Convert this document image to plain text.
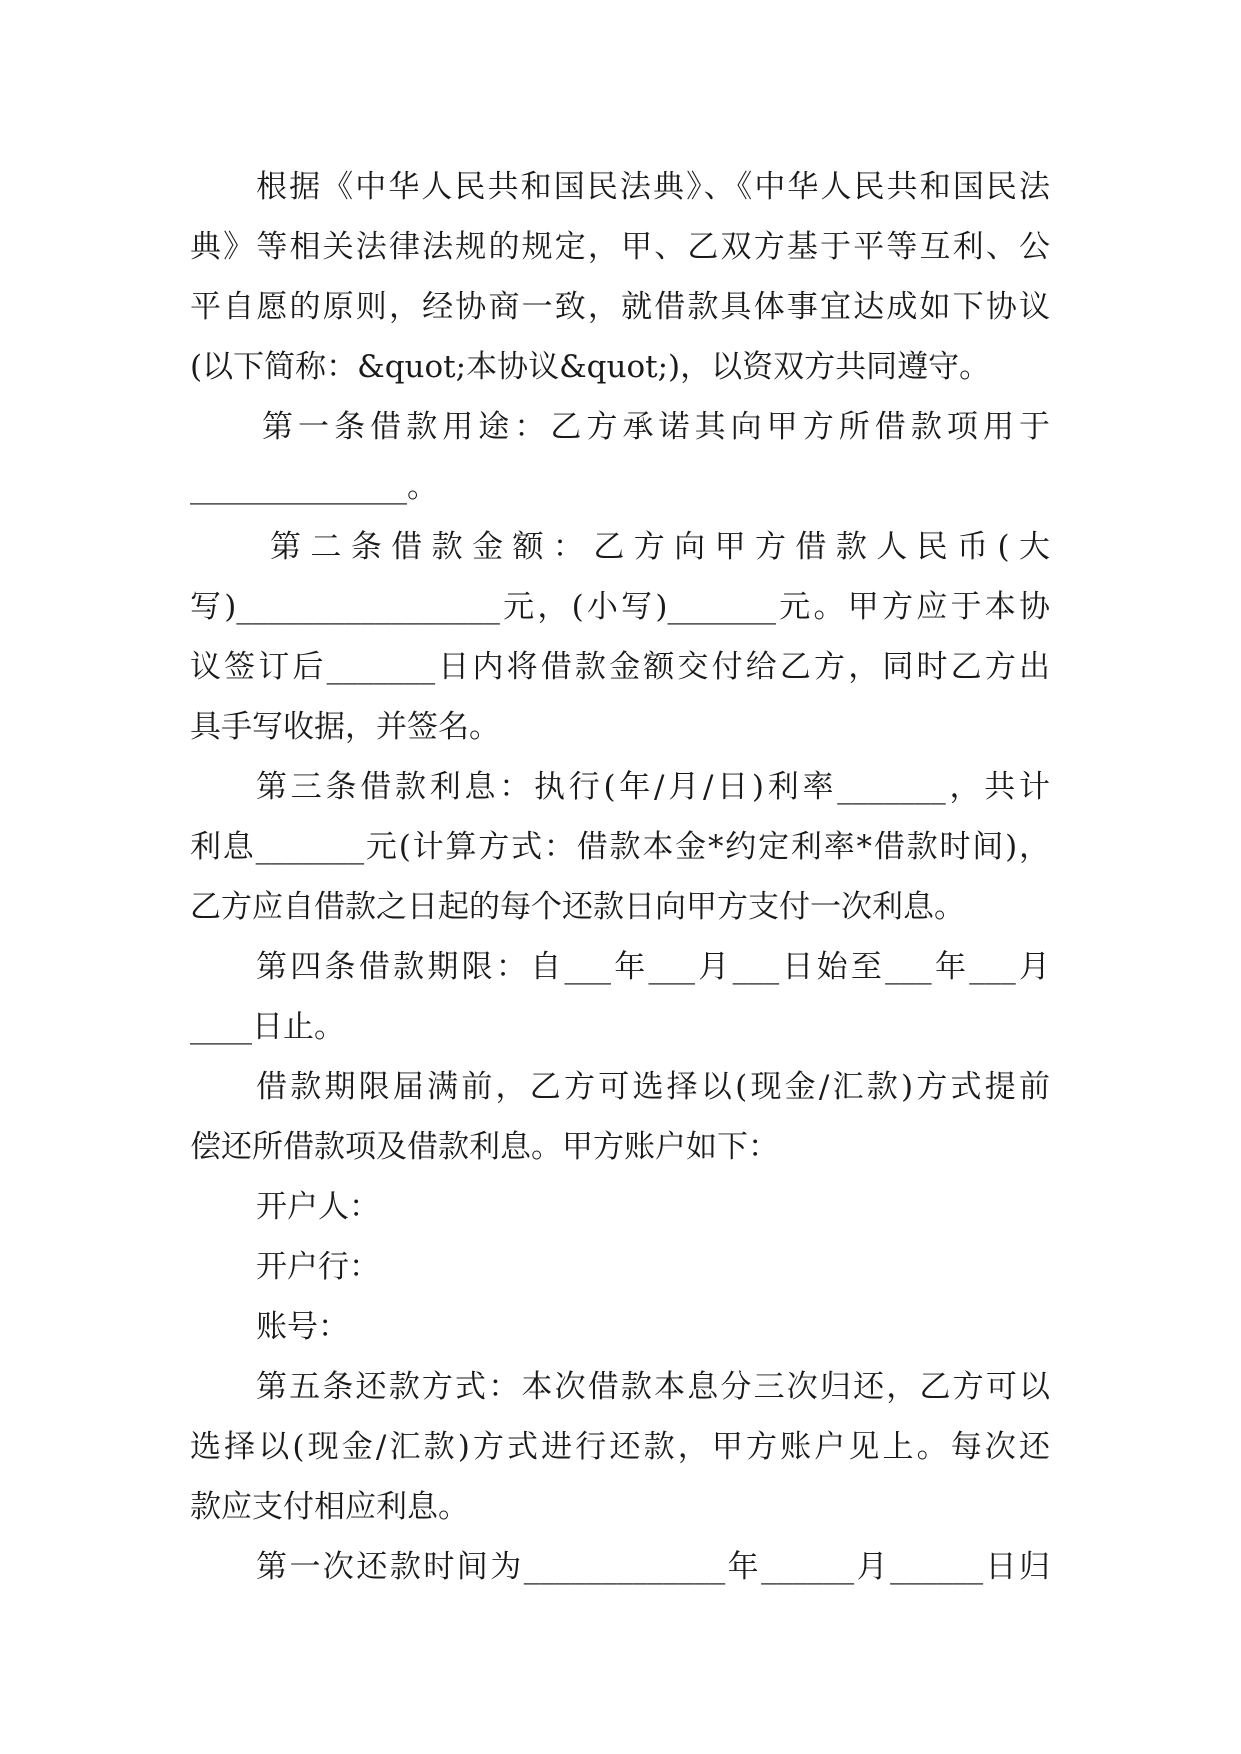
根据《中华人民共和国民法典》、《中华人民共和国民法
典》等相关法律法规的规定，甲、乙双方基于平等互利、公
平自愿的原则，经协商一致，就借款具体事宜达成如下协议
(以下简称：&quot;本协议&quot;)，以资双方共同遵守。
第一条借款用途：乙方承诺其向甲方所借款项用于
______________。
第二条借款金额：乙方向甲方借款人民币(大
写)_________________元，(小写)_______元。甲方应于本协
议签订后_______日内将借款金额交付给乙方，同时乙方出
具手写收据，并签名。
第三条借款利息：执行(年/月/日)利率_______，共计
利息_______元(计算方式：借款本金*约定利率*借款时间)，
乙方应自借款之日起的每个还款日向甲方支付一次利息。
第四条借款期限：自___年___月___日始至___年___月
____日止。
借款期限届满前，乙方可选择以(现金/汇款)方式提前
偿还所借款项及借款利息。甲方账户如下：
开户人：
开户行：
账号：
第五条还款方式：本次借款本息分三次归还，乙方可以
选择以(现金/汇款)方式进行还款，甲方账户见上。每次还
款应支付相应利息。
第一次还款时间为_____________年______月______日归
